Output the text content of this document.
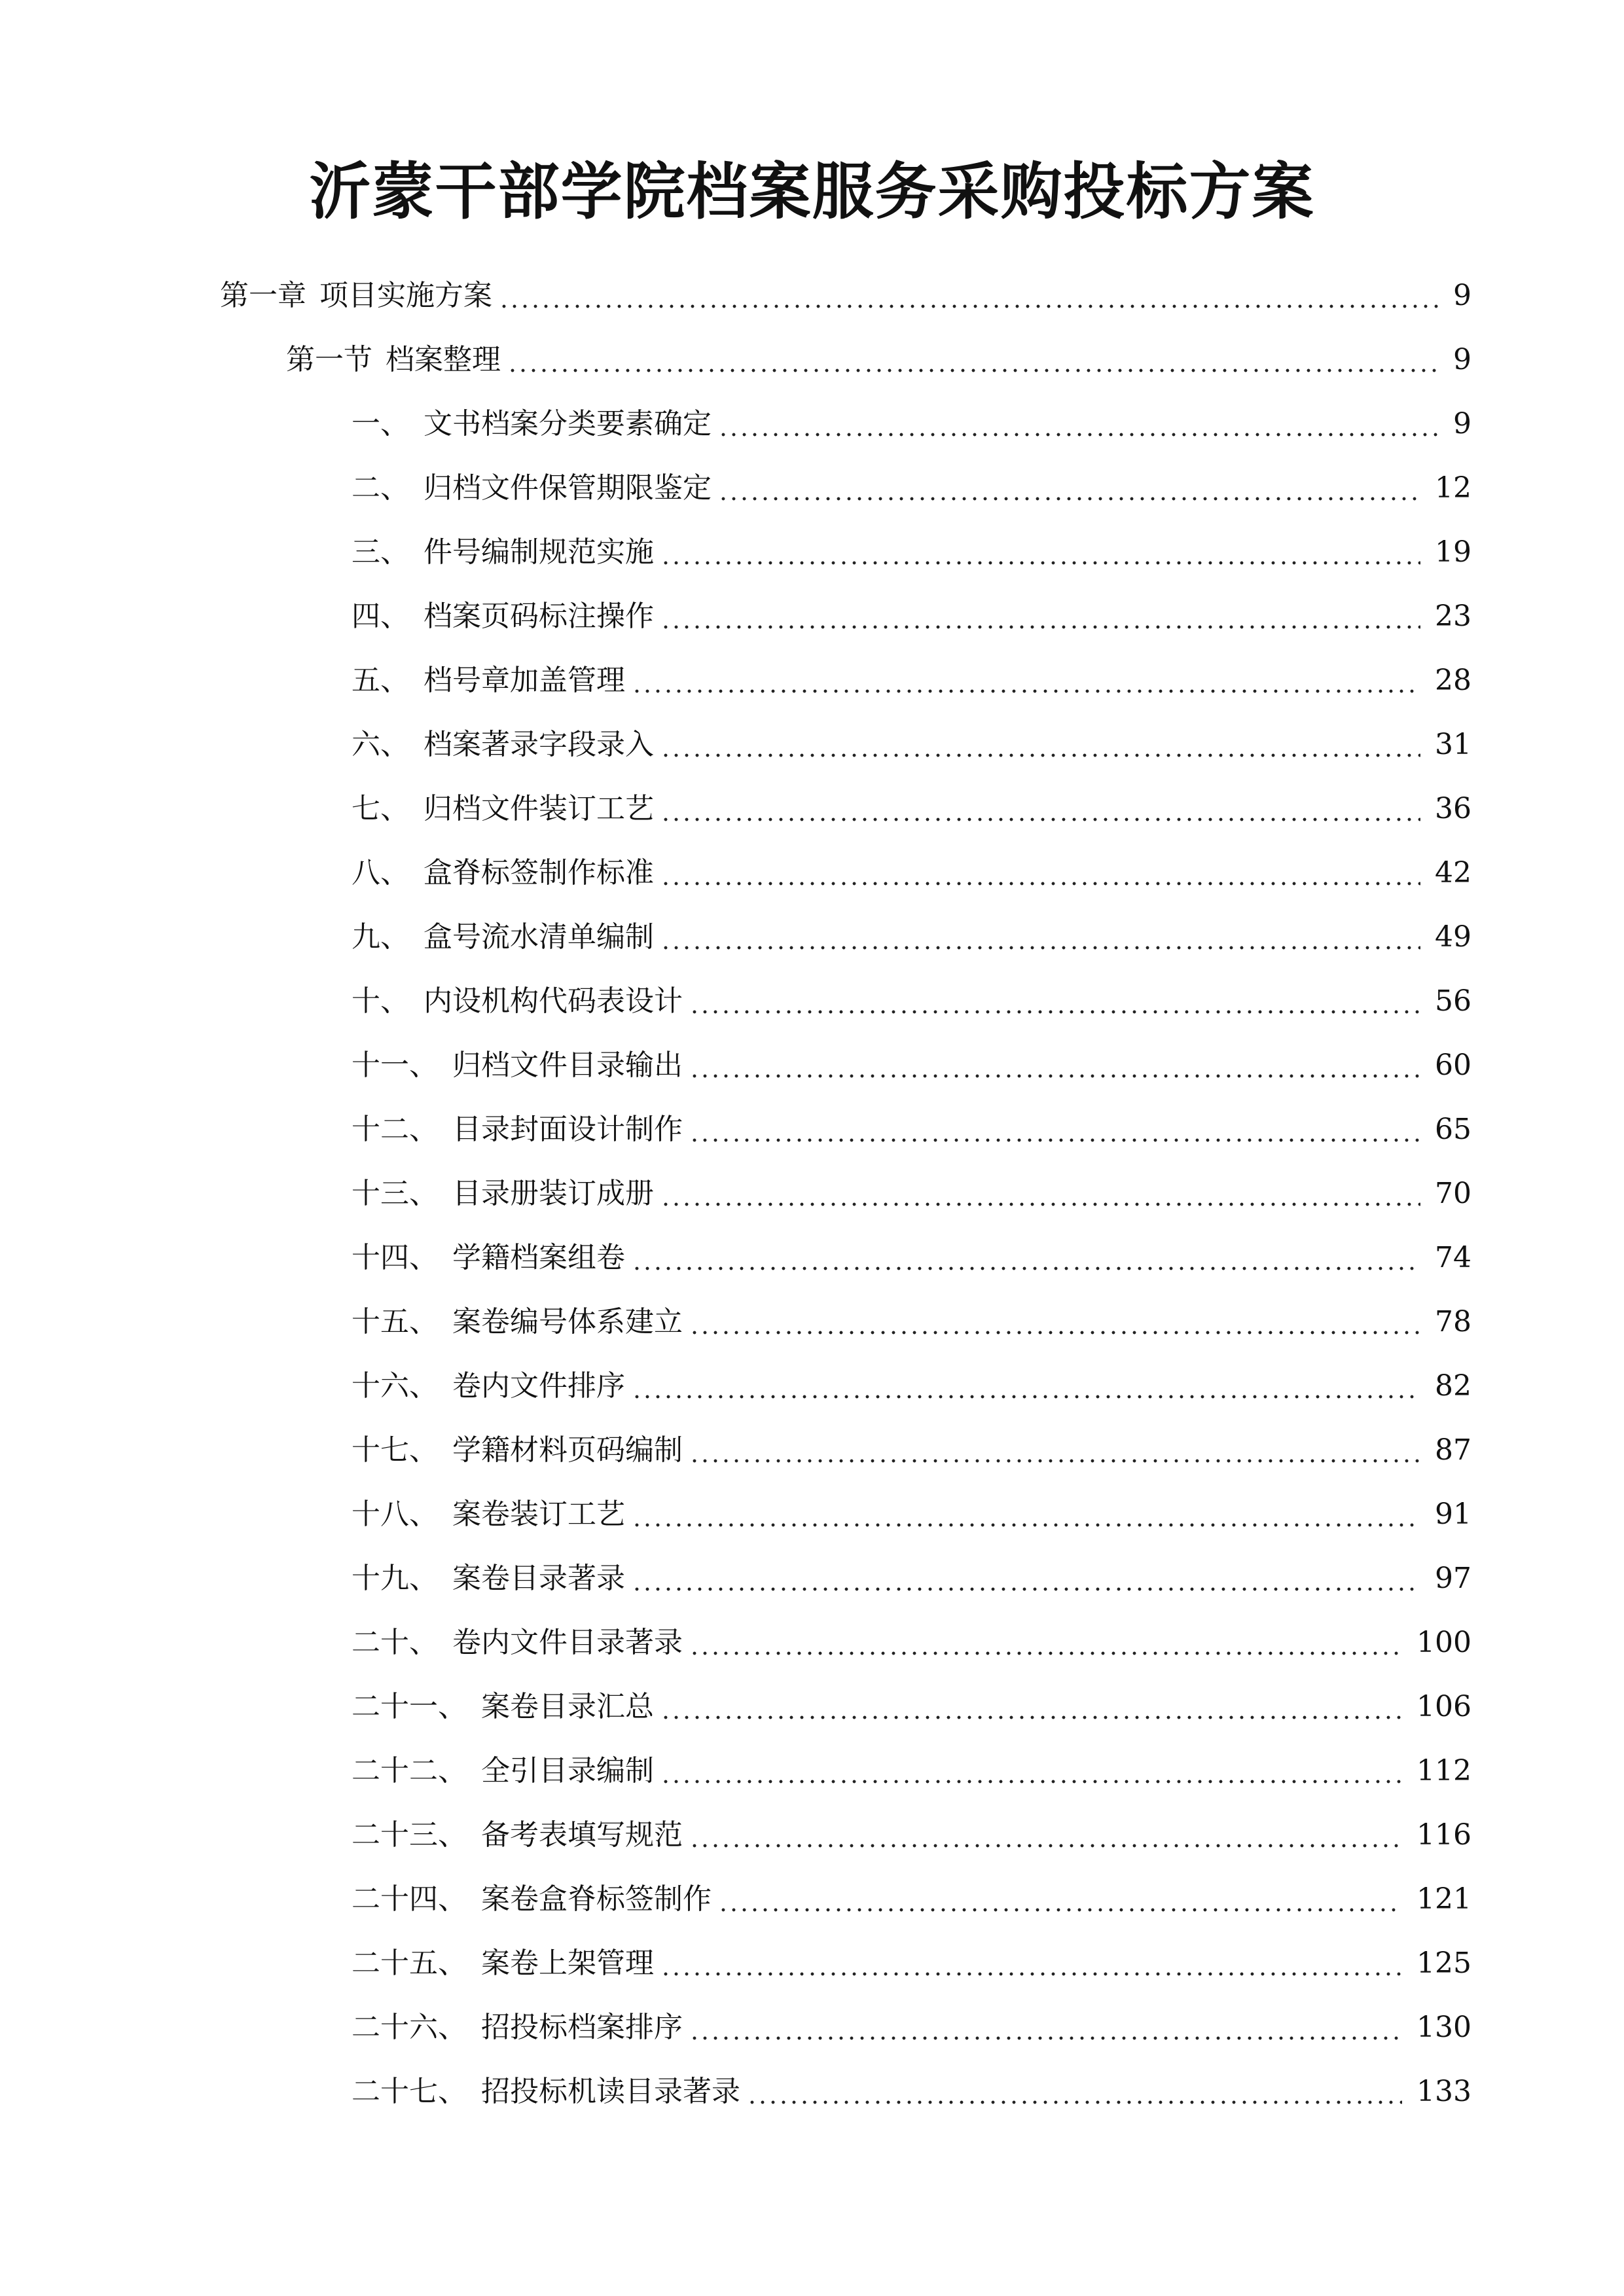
沂蒙干部学院档案服务采购投标方案
第一章 项目实施方案	9
第一节 档案整理	9
一、 文书档案分类要素确定	9
二、 归档文件保管期限鉴定	12
三、 件号编制规范实施	19
四、 档案页码标注操作	23
五、 档号章加盖管理	28
六、 档案著录字段录入	31
七、 归档文件装订工艺	36
八、 盒脊标签制作标准	42
九、 盒号流水清单编制	49
十、 内设机构代码表设计	56
十一、 归档文件目录输出	60
十二、 目录封面设计制作	65
十三、 目录册装订成册	70
十四、 学籍档案组卷	74
十五、 案卷编号体系建立	78
十六、 卷内文件排序	82
十七、 学籍材料页码编制	87
十八、 案卷装订工艺	91
十九、 案卷目录著录	97
二十、 卷内文件目录著录	100
二十一、 案卷目录汇总	106
二十二、 全引目录编制	112
二十三、 备考表填写规范	116
二十四、 案卷盒脊标签制作	121
二十五、 案卷上架管理	125
二十六、 招投标档案排序	130
二十七、 招投标机读目录著录	133
